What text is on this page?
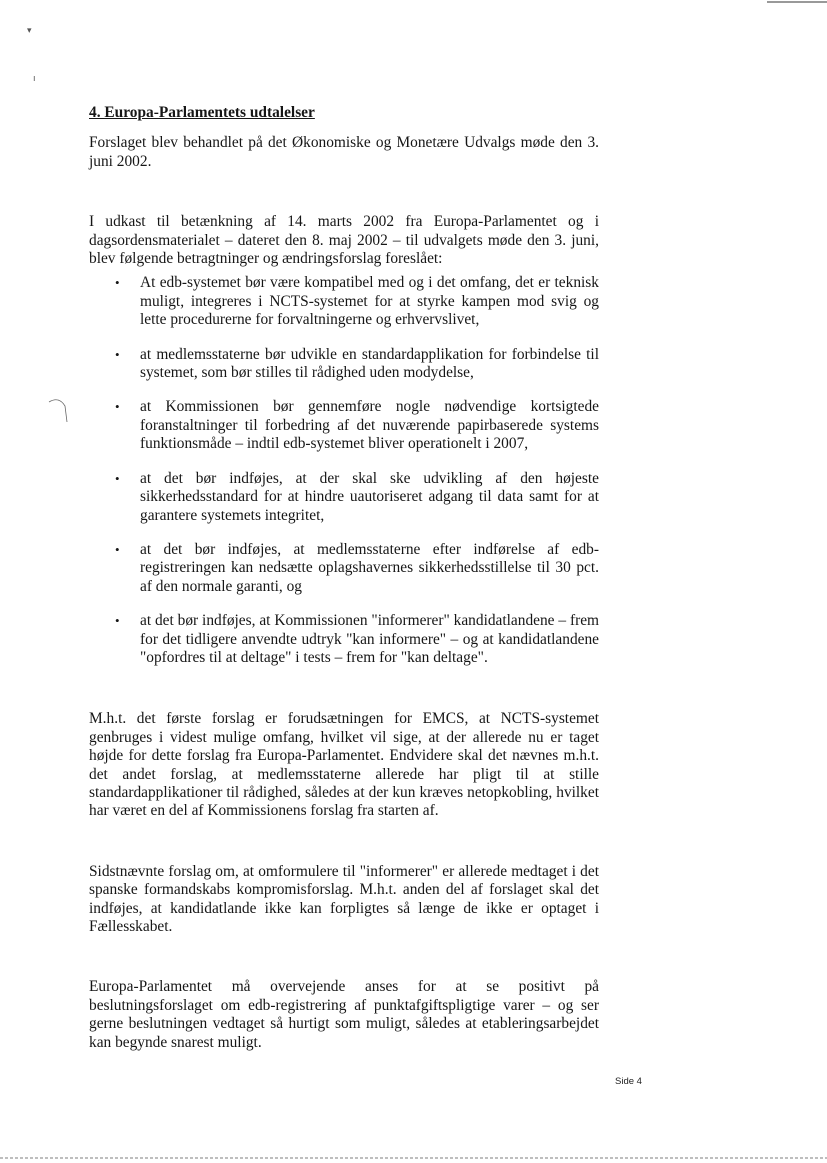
▾
ı
4. Europa-Parlamentets udtalelser

Forslaget blev behandlet på det Økonomiske og Monetære Udvalgs møde den 3. juni 2002.

I udkast til betænkning af 14. marts 2002 fra Europa-Parlamentet og i dagsordensmaterialet – dateret den 8. maj 2002 – til udvalgets møde den 3. juni, blev følgende betragtninger og ændringsforslag foreslået:

• At edb-systemet bør være kompatibel med og i det omfang, det er teknisk muligt, integreres i NCTS-systemet for at styrke kampen mod svig og lette procedurerne for forvaltningerne og erhvervslivet,
• at medlemsstaterne bør udvikle en standardapplikation for forbindelse til systemet, som bør stilles til rådighed uden modydelse,
• at Kommissionen bør gennemføre nogle nødvendige kortsigtede foranstaltninger til forbedring af det nuværende papirbaserede systems funktionsmåde – indtil edb-systemet bliver operationelt i 2007,
• at det bør indføjes, at der skal ske udvikling af den højeste sikkerhedsstandard for at hindre uautoriseret adgang til data samt for at garantere systemets integritet,
• at det bør indføjes, at medlemsstaterne efter indførelse af edb-registreringen kan nedsætte oplagshavernes sikkerhedsstillelse til 30 pct. af den normale garanti, og
• at det bør indføjes, at Kommissionen "informerer" kandidatlandene – frem for det tidligere anvendte udtryk "kan informere" – og at kandidatlandene "opfordres til at deltage" i tests – frem for "kan deltage".

M.h.t. det første forslag er forudsætningen for EMCS, at NCTS-systemet genbruges i videst mulige omfang, hvilket vil sige, at der allerede nu er taget højde for dette forslag fra Europa-Parlamentet. Endvidere skal det nævnes m.h.t. det andet forslag, at medlemsstaterne allerede har pligt til at stille standardapplikationer til rådighed, således at der kun kræves netopkobling, hvilket har været en del af Kommissionens forslag fra starten af.

Sidstnævnte forslag om, at omformulere til "informerer" er allerede medtaget i det spanske formandskabs kompromisforslag. M.h.t. anden del af forslaget skal det indføjes, at kandidatlande ikke kan forpligtes så længe de ikke er optaget i Fællesskabet.

Europa-Parlamentet må overvejende anses for at se positivt på beslutningsforslaget om edb-registrering af punktafgiftspligtige varer – og ser gerne beslutningen vedtaget så hurtigt som muligt, således at etableringsarbejdet kan begynde snarest muligt.

Side 4
